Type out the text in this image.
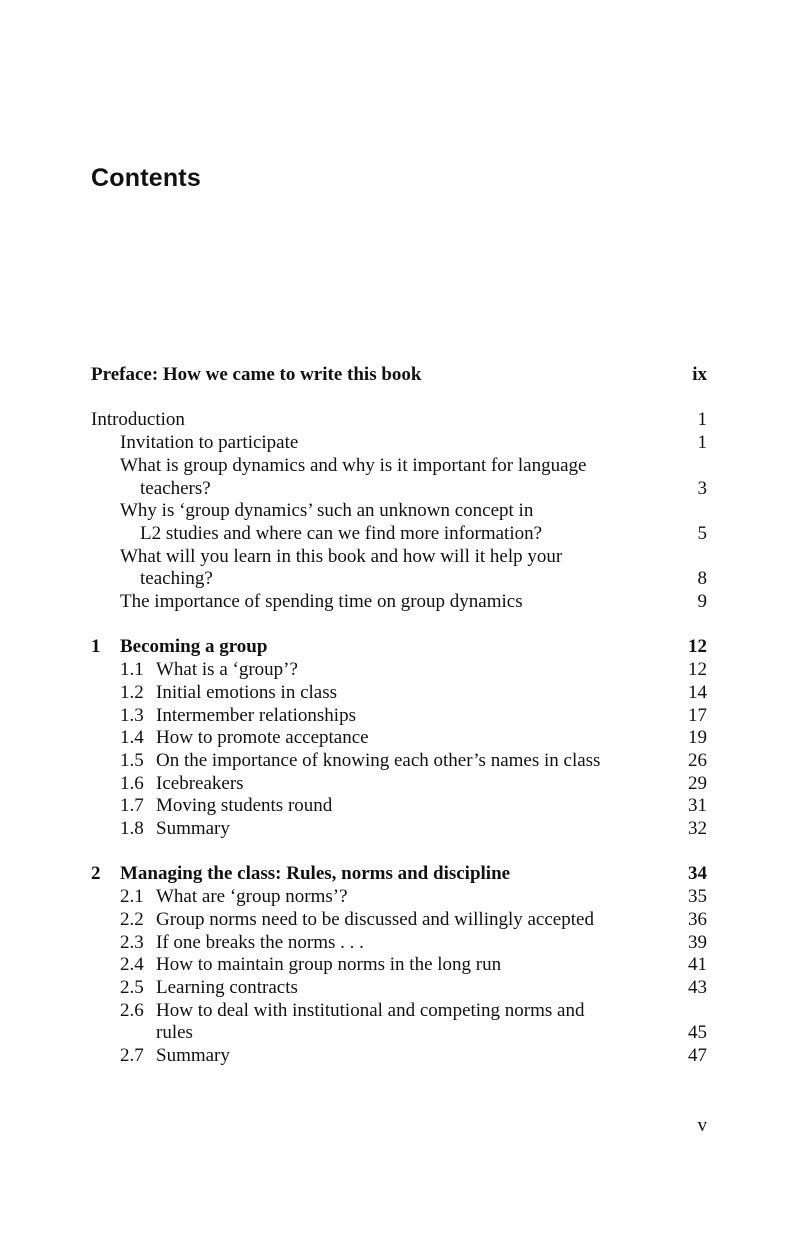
Contents
Preface: How we came to write this book	ix
Introduction	1
Invitation to participate	1
What is group dynamics and why is it important for language
teachers?	3
Why is ‘group dynamics’ such an unknown concept in
L2 studies and where can we find more information?	5
What will you learn in this book and how will it help your
teaching?	8
The importance of spending time on group dynamics	9
1 Becoming a group	12
1.1 What is a ‘group’?	12
1.2 Initial emotions in class	14
1.3 Intermember relationships	17
1.4 How to promote acceptance	19
1.5 On the importance of knowing each other’s names in class	26
1.6 Icebreakers	29
1.7 Moving students round	31
1.8 Summary	32
2 Managing the class: Rules, norms and discipline	34
2.1 What are ‘group norms’?	35
2.2 Group norms need to be discussed and willingly accepted	36
2.3 If one breaks the norms . . .	39
2.4 How to maintain group norms in the long run	41
2.5 Learning contracts	43
2.6 How to deal with institutional and competing norms and
rules	45
2.7 Summary	47
v
